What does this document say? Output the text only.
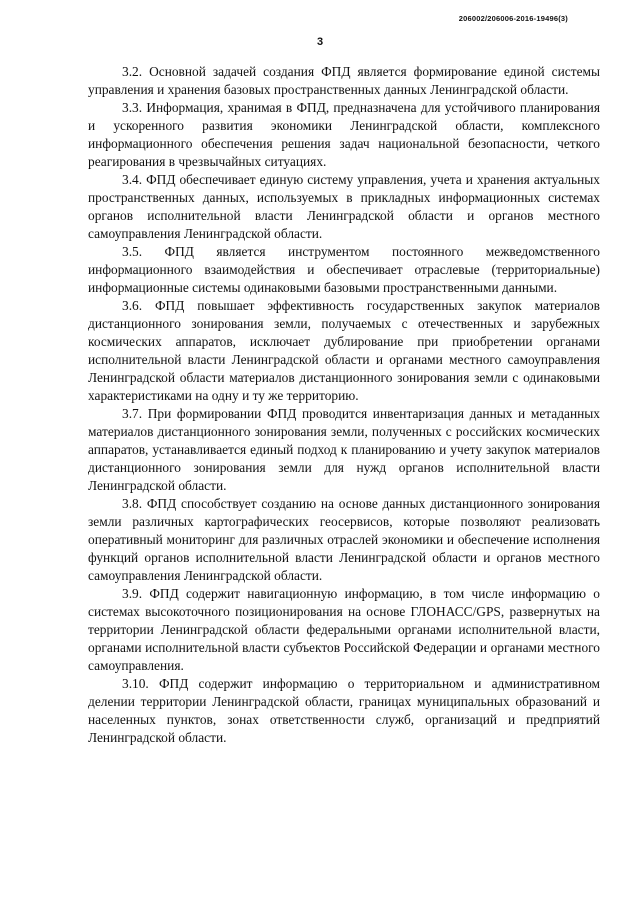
206002/206006-2016-19496(3)
3

3.2. Основной задачей создания ФПД является формирование единой системы управления и хранения базовых пространственных данных Ленинградской области.

3.3. Информация, хранимая в ФПД, предназначена для устойчивого планирования и ускоренного развития экономики Ленинградской области, комплексного информационного обеспечения решения задач национальной безопасности, четкого реагирования в чрезвычайных ситуациях.

3.4. ФПД обеспечивает единую систему управления, учета и хранения актуальных пространственных данных, используемых в прикладных информационных системах органов исполнительной власти Ленинградской области и органов местного самоуправления Ленинградской области.

3.5. ФПД является инструментом постоянного межведомственного информационного взаимодействия и обеспечивает отраслевые (территориальные) информационные системы одинаковыми базовыми пространственными данными.

3.6. ФПД повышает эффективность государственных закупок материалов дистанционного зонирования земли, получаемых с отечественных и зарубежных космических аппаратов, исключает дублирование при приобретении органами исполнительной власти Ленинградской области и органами местного самоуправления Ленинградской области материалов дистанционного зонирования земли с одинаковыми характеристиками на одну и ту же территорию.

3.7. При формировании ФПД проводится инвентаризация данных и метаданных материалов дистанционного зонирования земли, полученных с российских космических аппаратов, устанавливается единый подход к планированию и учету закупок материалов дистанционного зонирования земли для нужд органов исполнительной власти Ленинградской области.

3.8. ФПД способствует созданию на основе данных дистанционного зонирования земли различных картографических геосервисов, которые позволяют реализовать оперативный мониторинг для различных отраслей экономики и обеспечение исполнения функций органов исполнительной власти Ленинградской области и органов местного самоуправления Ленинградской области.

3.9. ФПД содержит навигационную информацию, в том числе информацию о системах высокоточного позиционирования на основе ГЛОНАСС/GPS, развернутых на территории Ленинградской области федеральными органами исполнительной власти, органами исполнительной власти субъектов Российской Федерации и органами местного самоуправления.

3.10. ФПД содержит информацию о территориальном и административном делении территории Ленинградской области, границах муниципальных образований и населенных пунктов, зонах ответственности служб, организаций и предприятий Ленинградской области.
